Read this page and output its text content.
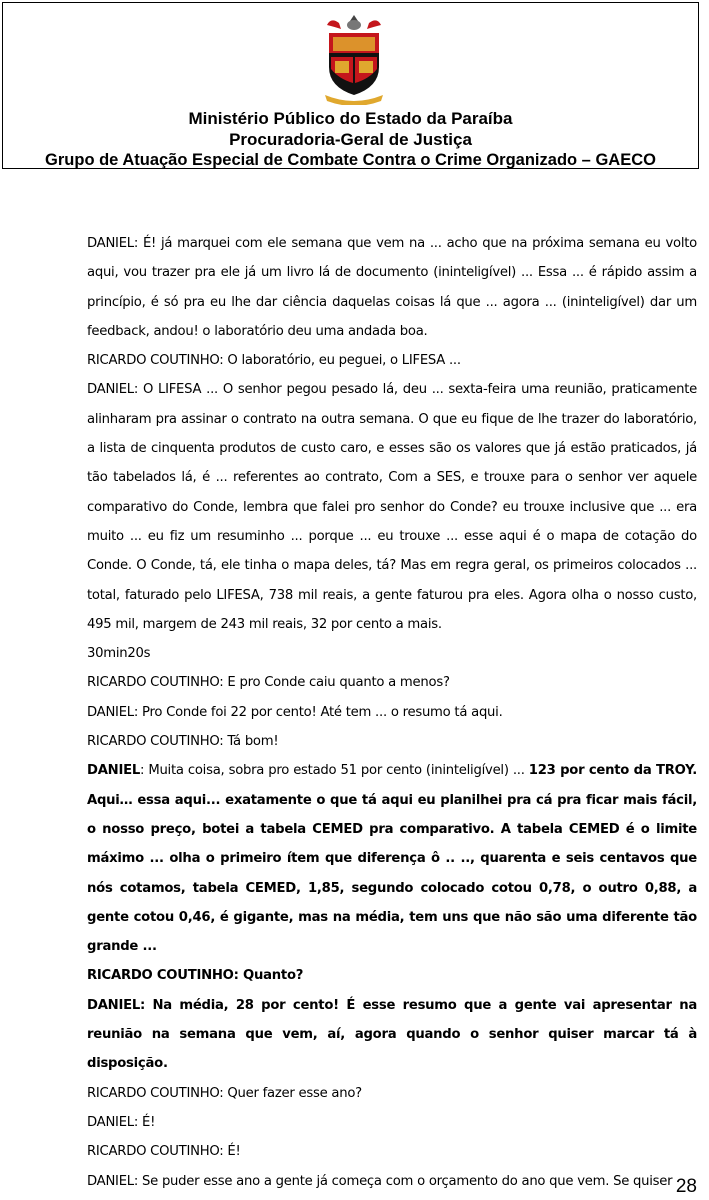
Ministério Público do Estado da Paraíba
Procuradoria-Geral de Justiça
Grupo de Atuação Especial de Combate Contra o Crime Organizado – GAECO

DANIEL: É! já marquei com ele semana que vem na ... acho que na próxima semana eu volto aqui, vou trazer pra ele já um livro lá de documento (ininteligível) ... Essa ... é rápido assim a princípio, é só pra eu lhe dar ciência daquelas coisas lá que ... agora ... (ininteligível) dar um feedback, andou! o laboratório deu uma andada boa.

RICARDO COUTINHO: O laboratório, eu peguei, o LIFESA ...

DANIEL: O LIFESA ... O senhor pegou pesado lá, deu ... sexta-feira uma reunião, praticamente alinharam pra assinar o contrato na outra semana. O que eu fique de lhe trazer do laboratório, a lista de cinquenta produtos de custo caro, e esses são os valores que já estão praticados, já tão tabelados lá, é ... referentes ao contrato, Com a SES, e trouxe para o senhor ver aquele comparativo do Conde, lembra que falei pro senhor do Conde? eu trouxe inclusive que ... era muito ... eu fiz um resuminho ... porque ... eu trouxe ... esse aqui é o mapa de cotação do Conde. O Conde, tá, ele tinha o mapa deles, tá? Mas em regra geral, os primeiros colocados ... total, faturado pelo LIFESA, 738 mil reais, a gente faturou pra eles. Agora olha o nosso custo, 495 mil, margem de 243 mil reais, 32 por cento a mais.

30min20s

RICARDO COUTINHO: E pro Conde caiu quanto a menos?

DANIEL: Pro Conde foi 22 por cento! Até tem ... o resumo tá aqui.

RICARDO COUTINHO: Tá bom!

DANIEL: Muita coisa, sobra pro estado 51 por cento (ininteligível) ... 123 por cento da TROY. Aqui… essa aqui... exatamente o que tá aqui eu planilhei pra cá pra ficar mais fácil, o nosso preço, botei a tabela CEMED pra comparativo. A tabela CEMED é o limite máximo ... olha o primeiro ítem que diferença ô .. .., quarenta e seis centavos que nós cotamos, tabela CEMED, 1,85, segundo colocado cotou 0,78, o outro 0,88, a gente cotou 0,46, é gigante, mas na média, tem uns que não são uma diferente tão grande ...

RICARDO COUTINHO: Quanto?

DANIEL: Na média, 28 por cento! É esse resumo que a gente vai apresentar na reunião na semana que vem, aí, agora quando o senhor quiser marcar tá à disposição.

RICARDO COUTINHO: Quer fazer esse ano?

DANIEL: É!

RICARDO COUTINHO: É!

DANIEL: Se puder esse ano a gente já começa com o orçamento do ano que vem. Se quiser 28
